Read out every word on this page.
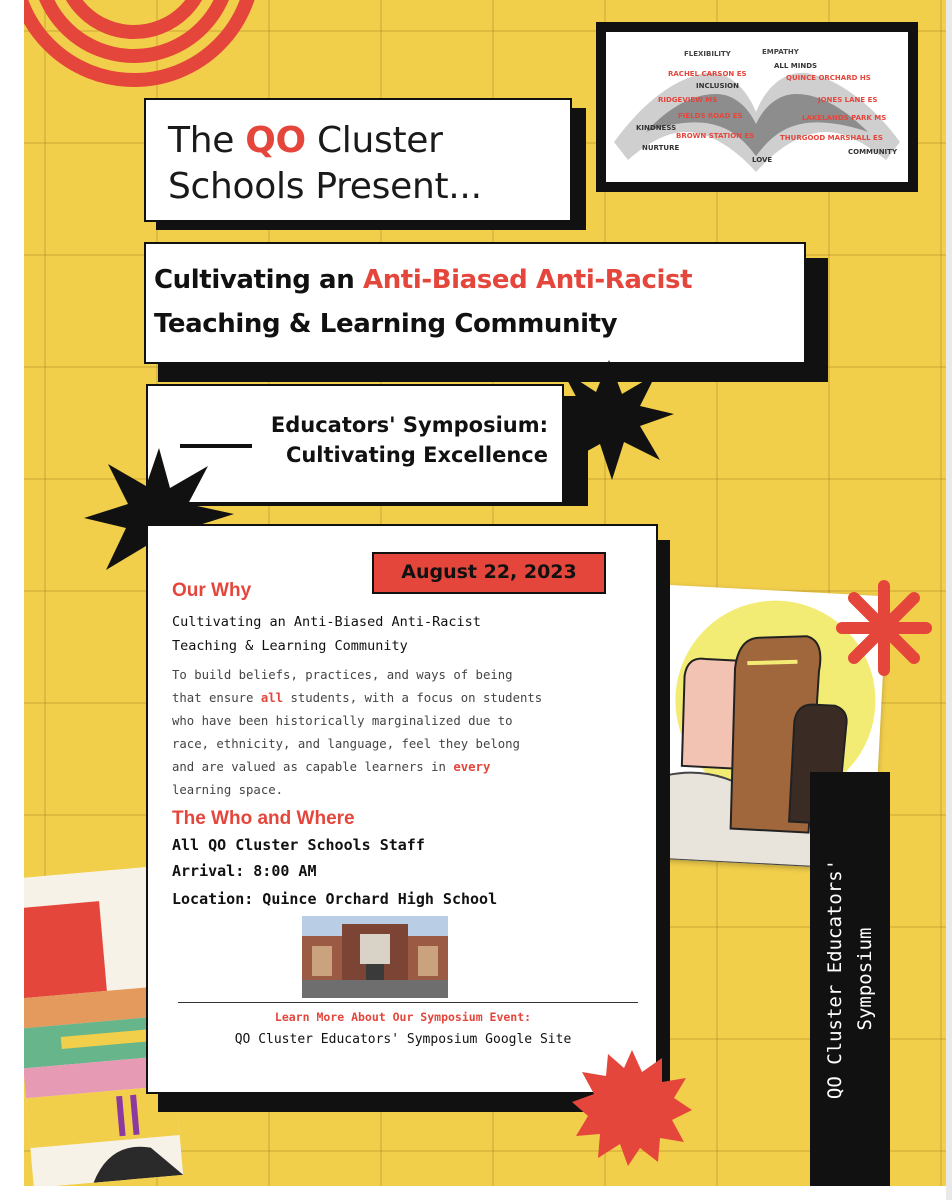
FLEXIBILITY	EMPATHY
RACHEL CARSON ES	QUINCE ORCHARD HS
INCLUSION
ALL MINDS
RIDGEVIEW MS	JONES LANE ES
FIELDS ROAD ES	LAKELANDS PARK MS
BROWN STATION ES	THURGOOD MARSHALL ES
KINDNESS
COMMUNITY
NURTURE
LOVE
The QO Cluster
Schools Present...
Cultivating an Anti-Biased Anti-Racist
Teaching & Learning Community
Educators' Symposium:
Cultivating Excellence
August 22, 2023
Our Why
Cultivating an Anti-Biased Anti-Racist
Teaching & Learning Community
To build beliefs, practices, and ways of being
that ensure all students, with a focus on students
who have been historically marginalized due to
race, ethnicity, and language, feel they belong
and are valued as capable learners in every
learning space.
The Who and Where
All QO Cluster Schools Staff
Arrival: 8:00 AM
Location: Quince Orchard High School
Learn More About Our Symposium Event:
QO Cluster Educators' Symposium Google Site	QO Cluster Educators' Symposium
